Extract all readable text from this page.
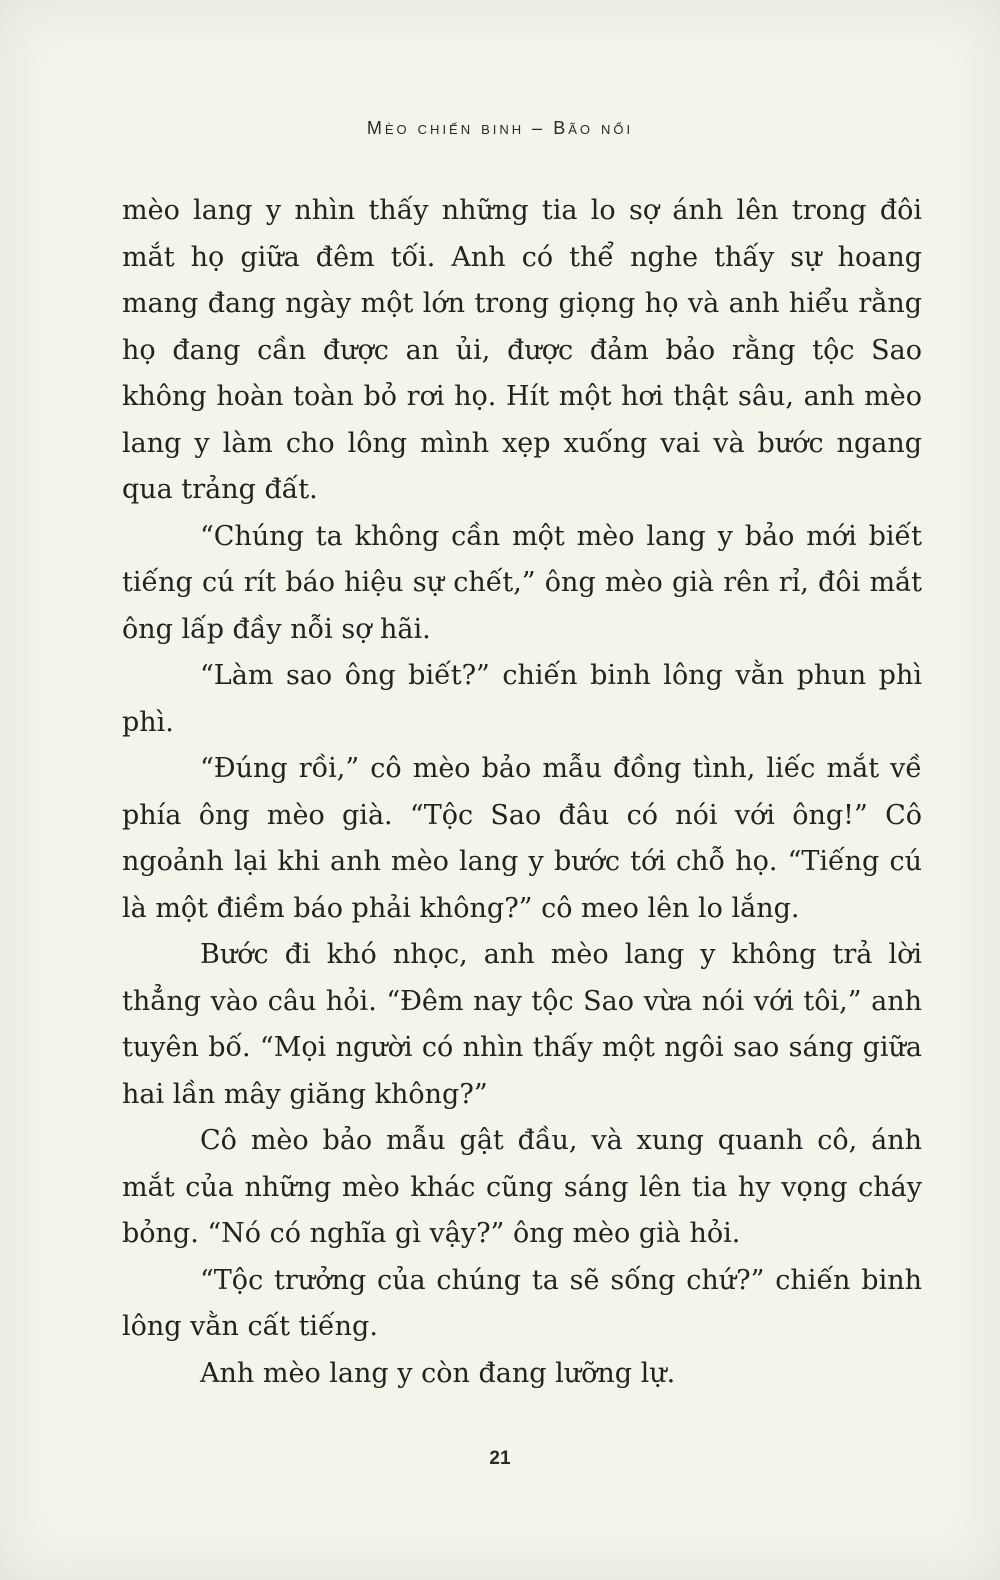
Mèo chiến binh – Bão nổi

mèo lang y nhìn thấy những tia lo sợ ánh lên trong đôi mắt họ giữa đêm tối. Anh có thể nghe thấy sự hoang mang đang ngày một lớn trong giọng họ và anh hiểu rằng họ đang cần được an ủi, được đảm bảo rằng tộc Sao không hoàn toàn bỏ rơi họ. Hít một hơi thật sâu, anh mèo lang y làm cho lông mình xẹp xuống vai và bước ngang qua trảng đất.

“Chúng ta không cần một mèo lang y bảo mới biết tiếng cú rít báo hiệu sự chết,” ông mèo già rên rỉ, đôi mắt ông lấp đầy nỗi sợ hãi.

“Làm sao ông biết?” chiến binh lông vằn phun phì phì.

“Đúng rồi,” cô mèo bảo mẫu đồng tình, liếc mắt về phía ông mèo già. “Tộc Sao đâu có nói với ông!” Cô ngoảnh lại khi anh mèo lang y bước tới chỗ họ. “Tiếng cú là một điềm báo phải không?” cô meo lên lo lắng.

Bước đi khó nhọc, anh mèo lang y không trả lời thẳng vào câu hỏi. “Đêm nay tộc Sao vừa nói với tôi,” anh tuyên bố. “Mọi người có nhìn thấy một ngôi sao sáng giữa hai lần mây giăng không?”

Cô mèo bảo mẫu gật đầu, và xung quanh cô, ánh mắt của những mèo khác cũng sáng lên tia hy vọng cháy bỏng. “Nó có nghĩa gì vậy?” ông mèo già hỏi.

“Tộc trưởng của chúng ta sẽ sống chứ?” chiến binh lông vằn cất tiếng.

Anh mèo lang y còn đang lưỡng lự.

21
